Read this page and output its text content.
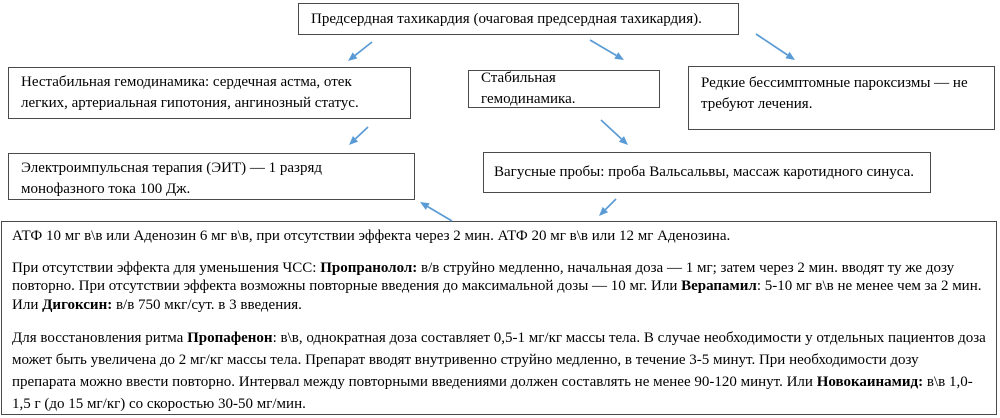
Предсердная тахикардия (очаговая предсердная тахикардия).
Нестабильная гемодинамика: сердечная астма, отек легких, артериальная гипотония, ангинозный статус.
Стабильная гемодинамика.
Редкие бессимптомные пароксизмы — не требуют лечения.
Электроимпульсная терапия (ЭИТ) — 1 разряд монофазного тока 100 Дж.
Вагусные пробы: проба Вальсальвы, массаж каротидного синуса.

АТФ 10 мг в\в или Аденозин 6 мг в\в, при отсутствии эффекта через 2 мин. АТФ 20 мг в\в или 12 мг Аденозина.

При отсутствии эффекта для уменьшения ЧСС: Пропранолол: в/в струйно медленно, начальная доза — 1 мг; затем через 2 мин. вводят ту же дозу повторно. При отсутствии эффекта возможны повторные введения до максимальной дозы — 10 мг. Или Верапамил: 5-10 мг в\в не менее чем за 2 мин. Или Дигоксин: в/в 750 мкг/сут. в 3 введения.

Для восстановления ритма Пропафенон: в\в, однократная доза составляет 0,5-1 мг/кг массы тела. В случае необходимости у отдельных пациентов доза может быть увеличена до 2 мг/кг массы тела. Препарат вводят внутривенно струйно медленно, в течение 3-5 минут. При необходимости дозу препарата можно ввести повторно. Интервал между повторными введениями должен составлять не менее 90-120 минут. Или Новокаинамид: в\в 1,0-1,5 г (до 15 мг/кг) со скоростью 30-50 мг/мин.
